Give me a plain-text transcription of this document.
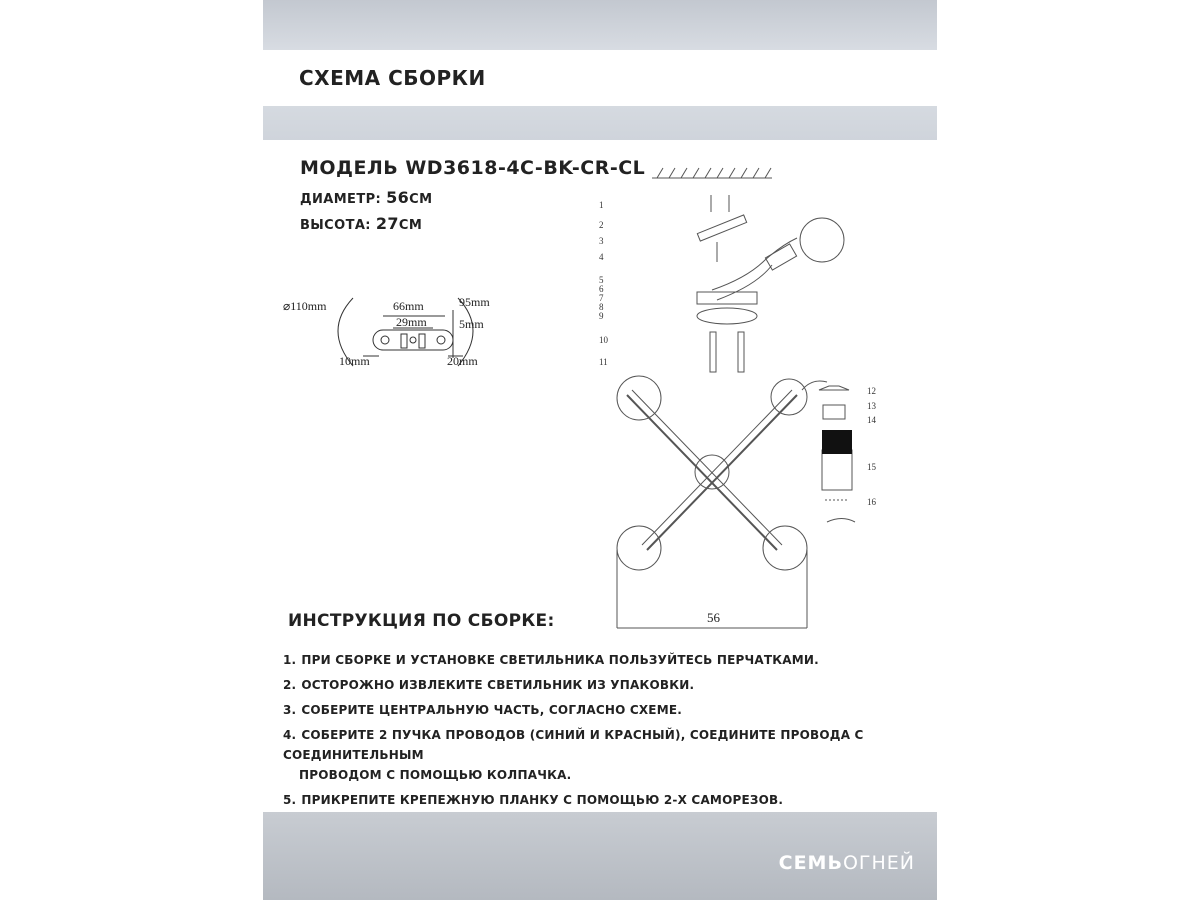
СХЕМА СБОРКИ
МОДЕЛЬ WD3618-4C-BK-CR-CL
ДИАМЕТР: 56СМ
ВЫСОТА: 27СМ
⌀110mm	66mm	95mm
29mm	5mm
10mm	20mm
1
2
3
4
5
6
7
8
9
10
11
12
13
14
15
16
56
ИНСТРУКЦИЯ ПО СБОРКЕ:
1. ПРИ СБОРКЕ И УСТАНОВКЕ СВЕТИЛЬНИКА ПОЛЬЗУЙТЕСЬ ПЕРЧАТКАМИ.
2. ОСТОРОЖНО ИЗВЛЕКИТЕ СВЕТИЛЬНИК ИЗ УПАКОВКИ.
3. СОБЕРИТЕ ЦЕНТРАЛЬНУЮ ЧАСТЬ, СОГЛАСНО СХЕМЕ.
4. СОБЕРИТЕ 2 ПУЧКА ПРОВОДОВ (СИНИЙ И КРАСНЫЙ), СОЕДИНИТЕ ПРОВОДА С СОЕДИНИТЕЛЬНЫМ
ПРОВОДОМ С ПОМОЩЬЮ КОЛПАЧКА.
5. ПРИКРЕПИТЕ КРЕПЕЖНУЮ ПЛАНКУ С ПОМОЩЬЮ 2-Х САМОРЕЗОВ.
СЕМЬОГНЕЙ
